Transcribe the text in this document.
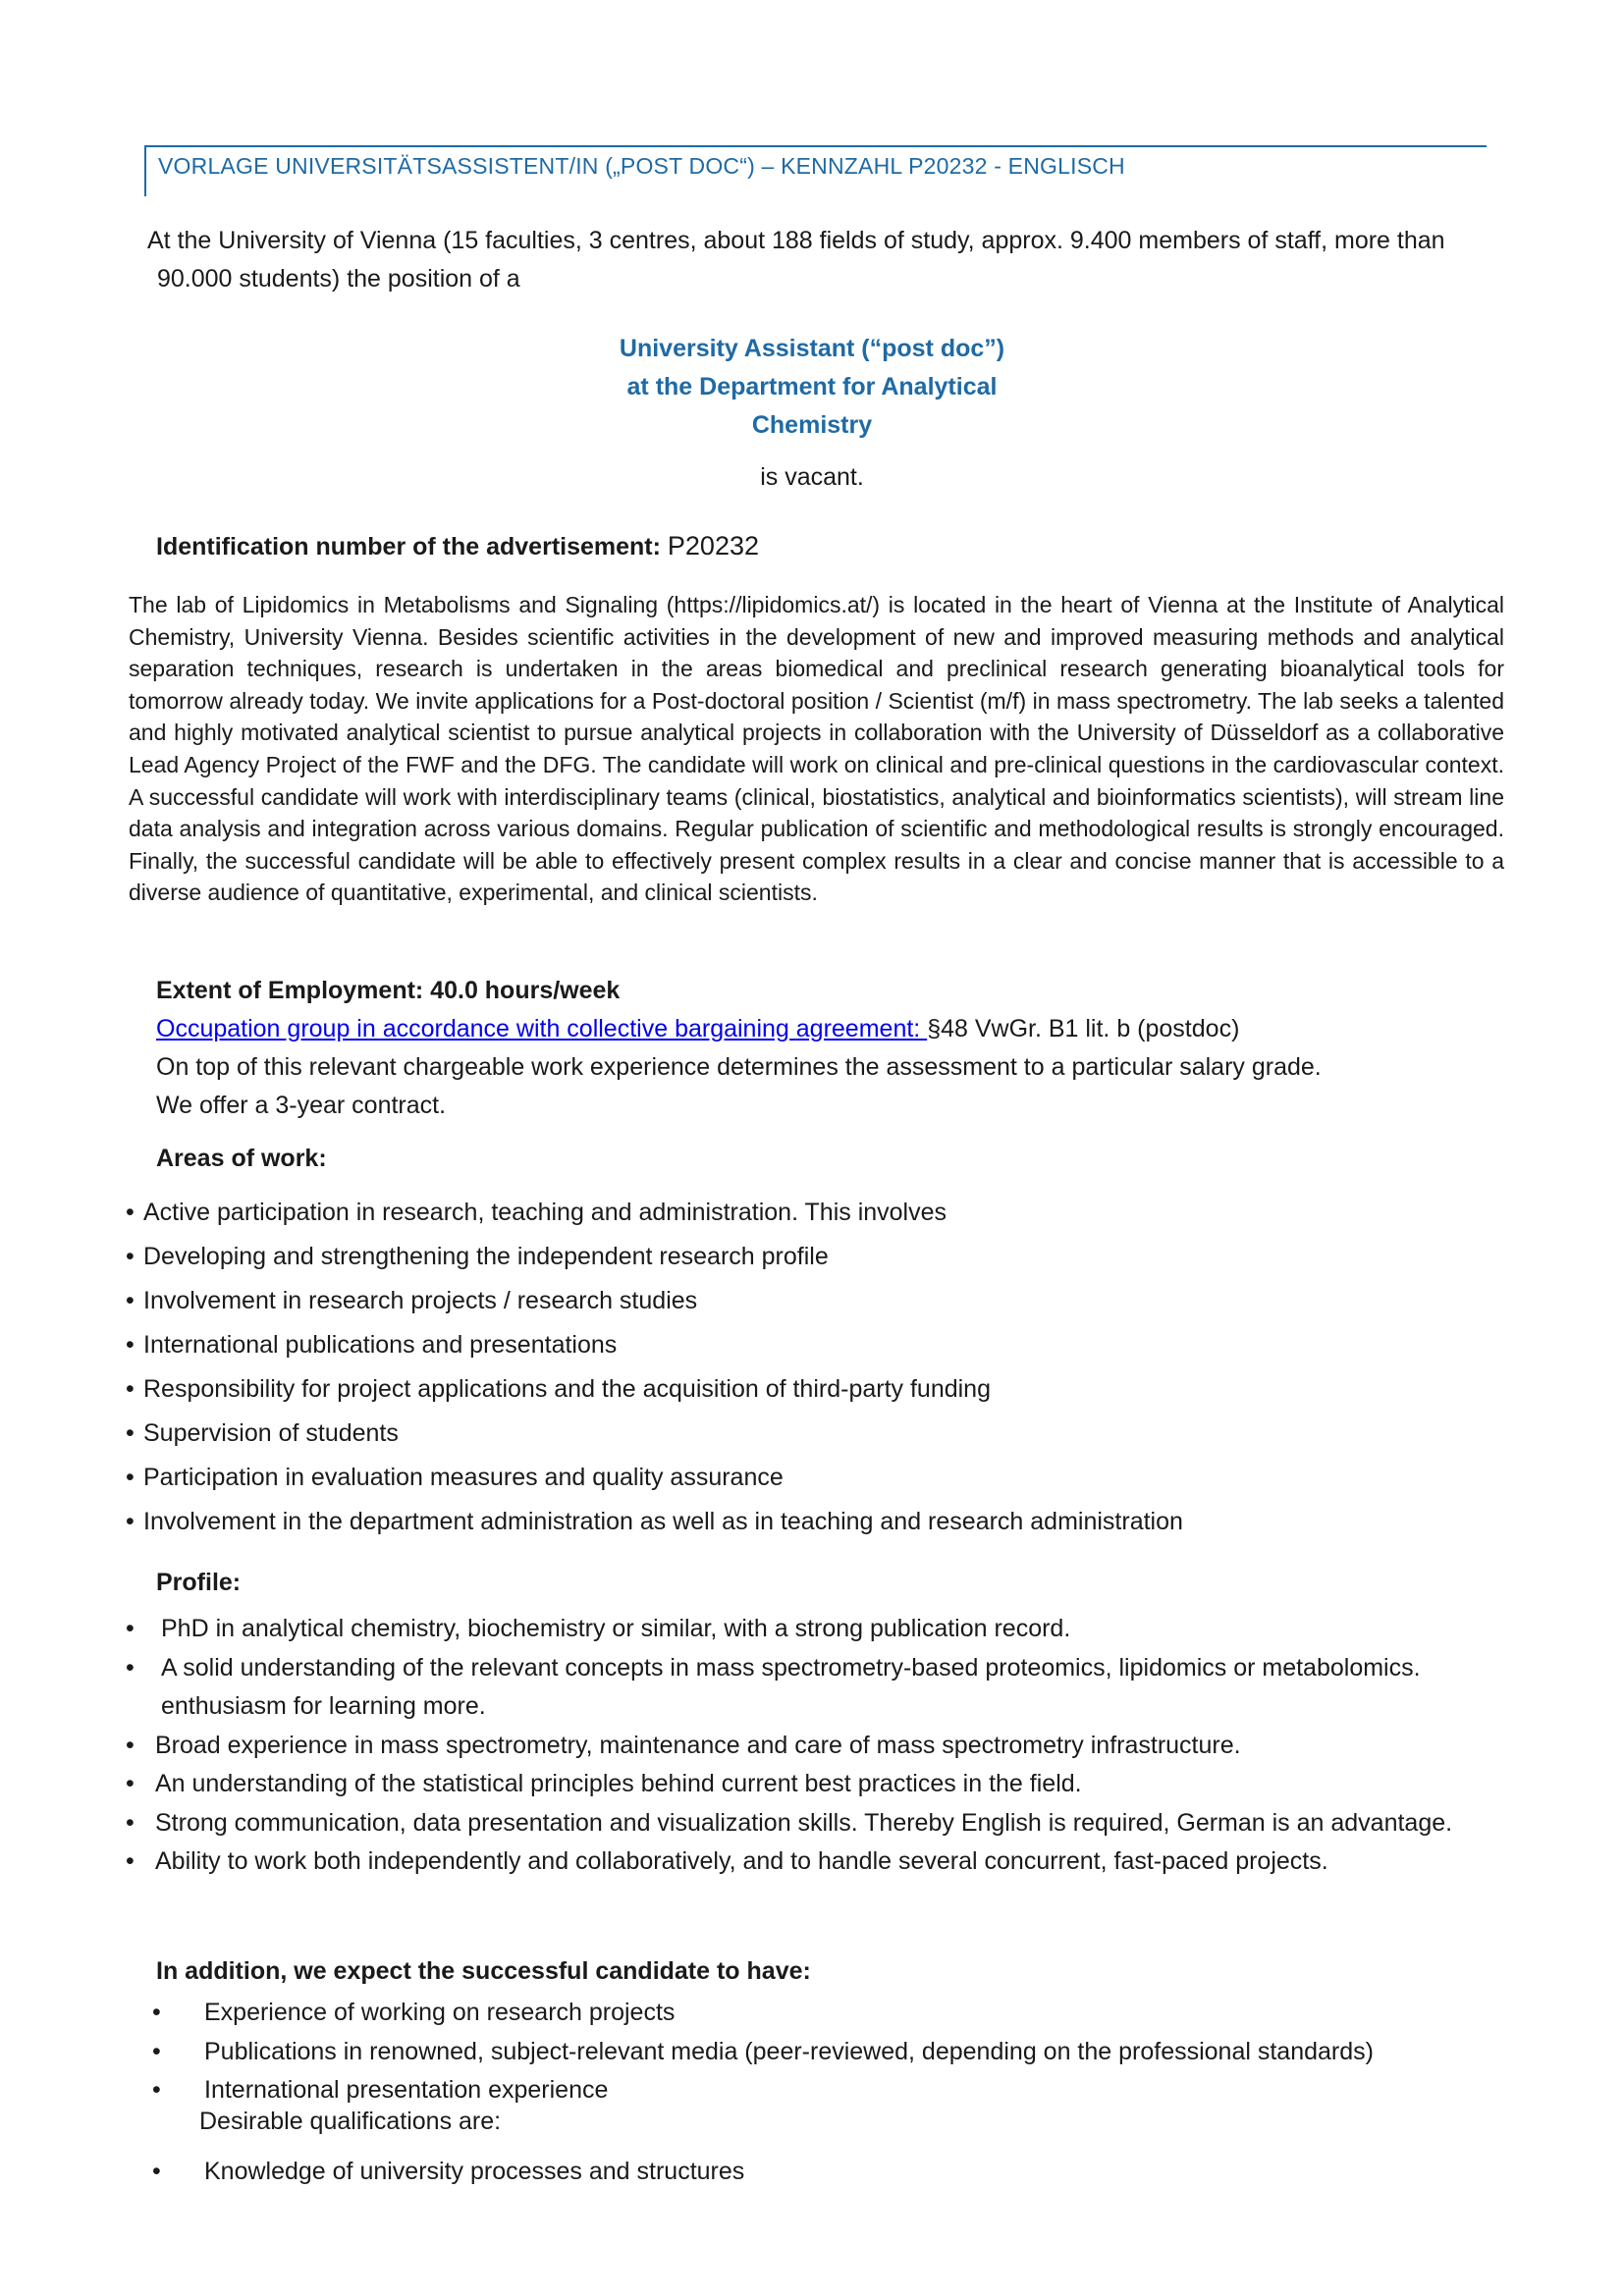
VORLAGE UNIVERSITÄTSASSISTENT/IN („POST DOC“) – KENNZAHL P20232 - ENGLISCH
At the University of Vienna (15 faculties, 3 centres, about 188 fields of study, approx. 9.400 members of staff, more than
90.000 students) the position of a
University Assistant (“post doc”)
at the Department for Analytical
Chemistry
is vacant.
Identification number of the advertisement: P20232
The lab of Lipidomics in Metabolisms and Signaling (https://lipidomics.at/) is located in the heart of Vienna at the Institute of Analytical Chemistry, University Vienna. Besides scientific activities in the development of new and improved measuring methods and analytical separation techniques, research is undertaken in the areas biomedical and preclinical research generating bioanalytical tools for tomorrow already today. We invite applications for a Post-doctoral position / Scientist (m/f) in mass spectrometry. The lab seeks a talented and highly motivated analytical scientist to pursue analytical projects in collaboration with the University of Düsseldorf as a collaborative Lead Agency Project of the FWF and the DFG. The candidate will work on clinical and pre-clinical questions in the cardiovascular context. A successful candidate will work with interdisciplinary teams (clinical, biostatistics, analytical and bioinformatics scientists), will stream line data analysis and integration across various domains. Regular publication of scientific and methodological results is strongly encouraged. Finally, the successful candidate will be able to effectively present complex results in a clear and concise manner that is accessible to a diverse audience of quantitative, experimental, and clinical scientists.
Extent of Employment: 40.0 hours/week
Occupation group in accordance with collective bargaining agreement: §48 VwGr. B1 lit. b (postdoc)
On top of this relevant chargeable work experience determines the assessment to a particular salary grade.
We offer a 3-year contract.
Areas of work:
• Active participation in research, teaching and administration. This involves
• Developing and strengthening the independent research profile
• Involvement in research projects / research studies
• International publications and presentations
• Responsibility for project applications and the acquisition of third-party funding
• Supervision of students
• Participation in evaluation measures and quality assurance
• Involvement in the department administration as well as in teaching and research administration
Profile:
• PhD in analytical chemistry, biochemistry or similar, with a strong publication record.
• A solid understanding of the relevant concepts in mass spectrometry-based proteomics, lipidomics or metabolomics.
enthusiasm for learning more.
• Broad experience in mass spectrometry, maintenance and care of mass spectrometry infrastructure.
• An understanding of the statistical principles behind current best practices in the field.
• Strong communication, data presentation and visualization skills. Thereby English is required, German is an advantage.
• Ability to work both independently and collaboratively, and to handle several concurrent, fast-paced projects.
In addition, we expect the successful candidate to have:
• Experience of working on research projects
• Publications in renowned, subject-relevant media (peer-reviewed, depending on the professional standards)
• International presentation experience
Desirable qualifications are:
• Knowledge of university processes and structures
